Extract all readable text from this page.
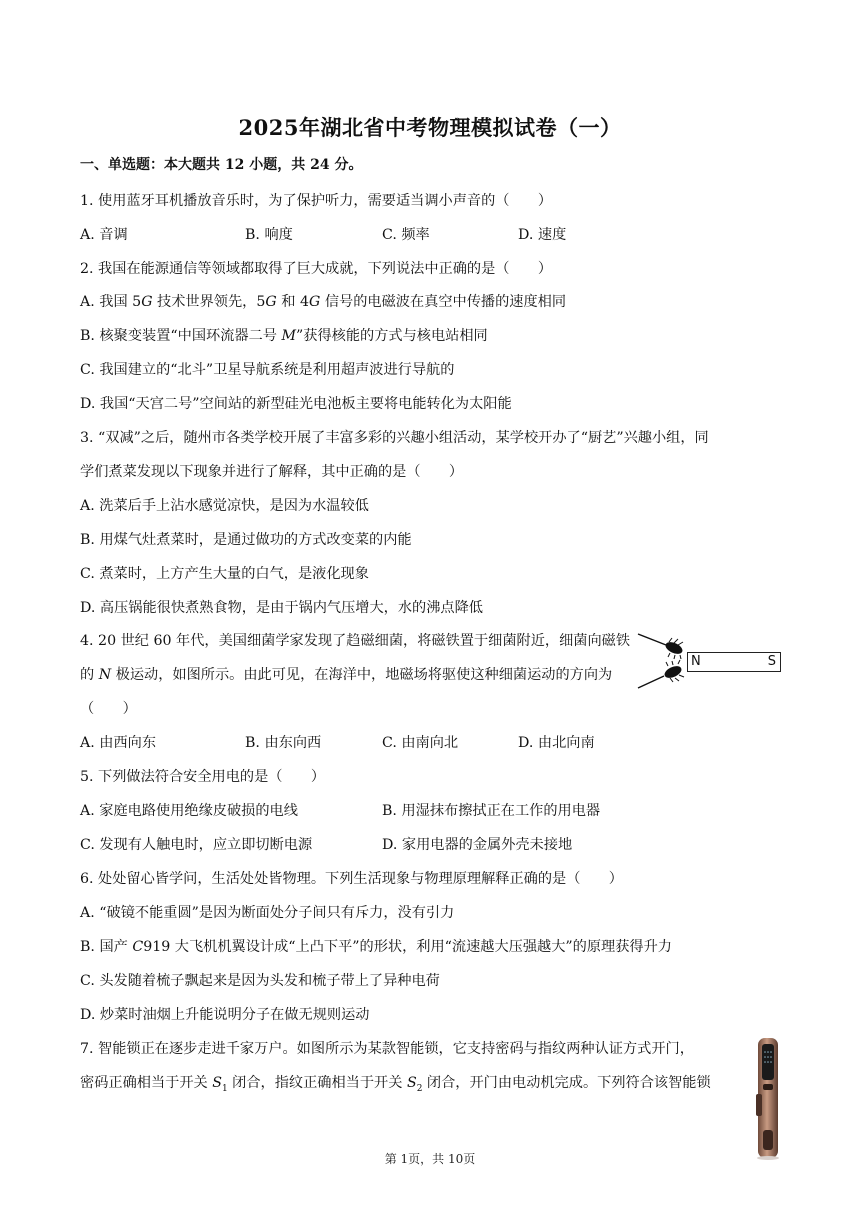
2025年湖北省中考物理模拟试卷（一）
一、单选题：本大题共 12 小题，共 24 分。
1. 使用蓝牙耳机播放音乐时，为了保护听力，需要适当调小声音的（　　）
A. 音调	B. 响度	C. 频率	D. 速度
2. 我国在能源通信等领域都取得了巨大成就，下列说法中正确的是（　　）
A. 我国 5G 技术世界领先，5G 和 4G 信号的电磁波在真空中传播的速度相同
B. 核聚变装置“中国环流器二号 M”获得核能的方式与核电站相同
C. 我国建立的“北斗”卫星导航系统是利用超声波进行导航的
D. 我国“天宫二号”空间站的新型硅光电池板主要将电能转化为太阳能
3. “双减”之后，随州市各类学校开展了丰富多彩的兴趣小组活动，某学校开办了“厨艺”兴趣小组，同
学们煮菜发现以下现象并进行了解释，其中正确的是（　　）
A. 洗菜后手上沾水感觉凉快，是因为水温较低
B. 用煤气灶煮菜时，是通过做功的方式改变菜的内能
C. 煮菜时，上方产生大量的白气，是液化现象
D. 高压锅能很快煮熟食物，是由于锅内气压增大，水的沸点降低
4. 20 世纪 60 年代，美国细菌学家发现了趋磁细菌，将磁铁置于细菌附近，细菌向磁铁的 N 极运动，如图所示。由此可见，在海洋中，地磁场将驱使这种细菌运动的方向为（　　）
N	S
A. 由西向东	B. 由东向西	C. 由南向北	D. 由北向南
5. 下列做法符合安全用电的是（　　）
A. 家庭电路使用绝缘皮破损的电线	B. 用湿抹布擦拭正在工作的用电器
C. 发现有人触电时，应立即切断电源	D. 家用电器的金属外壳未接地
6. 处处留心皆学问，生活处处皆物理。下列生活现象与物理原理解释正确的是（　　）
A. “破镜不能重圆”是因为断面处分子间只有斥力，没有引力
B. 国产 C919 大飞机机翼设计成“上凸下平”的形状，利用“流速越大压强越大”的原理获得升力
C. 头发随着梳子飘起来是因为头发和梳子带上了异种电荷
D. 炒菜时油烟上升能说明分子在做无规则运动
7. 智能锁正在逐步走进千家万户。如图所示为某款智能锁，它支持密码与指纹两种认证方式开门，
密码正确相当于开关 $S_1$ 闭合，指纹正确相当于开关 $S_2$ 闭合，开门由电动机完成。下列符合该智能锁
第 1页，共 10页
